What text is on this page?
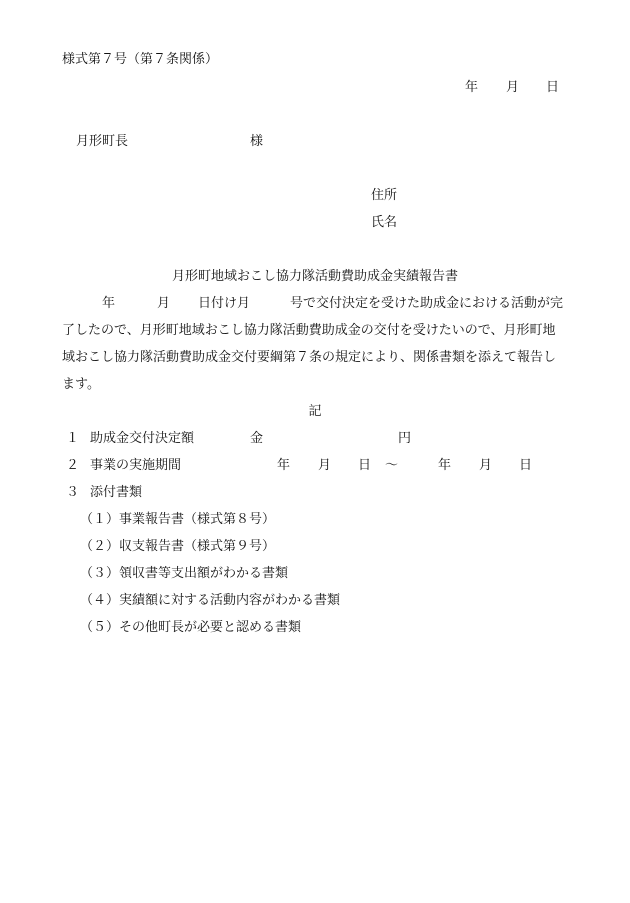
様式第７号（第７条関係）
年 月 日
月形町長	様
住所
氏名
月形町地域おこし協力隊活動費助成金実績報告書
年	月 日付け月	号で交付決定を受けた助成金における活動が完
了したので、月形町地域おこし協力隊活動費助成金の交付を受けたいので、月形町地
域おこし協力隊活動費助成金交付要綱第７条の規定により、関係書類を添えて報告し
ます。
記
１ 助成金交付決定額	金	円
２ 事業の実施期間	年 月 日 ～	年 月 日
３ 添付書類
（１）事業報告書（様式第８号）
（２）収支報告書（様式第９号）
（３）領収書等支出額がわかる書類
（４）実績額に対する活動内容がわかる書類
（５）その他町長が必要と認める書類
